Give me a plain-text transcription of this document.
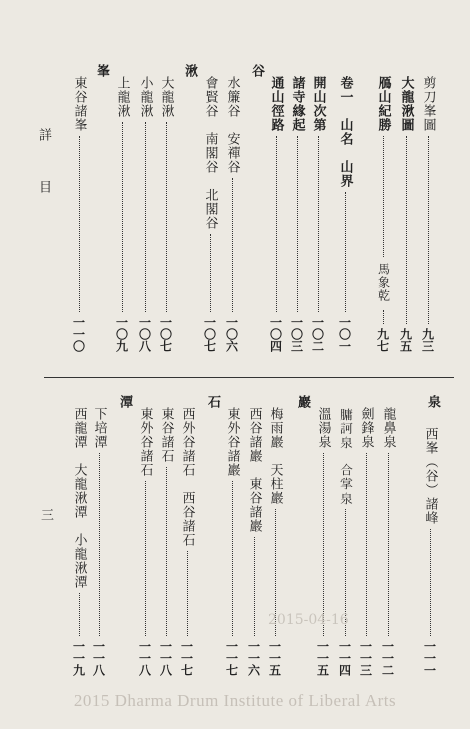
詳
目
三
剪刀峯圖
九三
大龍湫圖
九五
鴈山紀勝
馬象乾
九七
卷一　山名　山界
一〇一
開山次第
一〇二
諸寺緣起
一〇三
通山徑路
一〇四
谷
水簾谷　安禪谷
一〇六
會賢谷　南閣谷　北閣谷
一〇七
湫
大龍湫
一〇七
小龍湫
一〇八
上龍湫
一〇九
峯
東谷諸峯
一一〇
泉
西峯（谷）諸峰
一一一
龍鼻泉
一一二
劍鋒泉
一一三
𦟛訶泉　合掌泉
一一四
溫湯泉
一一五
巖
梅雨巖　天柱巖
一一五
西谷諸巖　東谷諸巖
一一六
東外谷諸巖
一一七
石
西外谷諸石　西谷諸石
一一七
東谷諸石
一一八
東外谷諸石
一一八
潭
下培潭
一一八
西龍潭　大龍湫潭　小龍湫潭
一一九
2015-04-16
2015 Dharma Drum Institute of Liberal Arts
